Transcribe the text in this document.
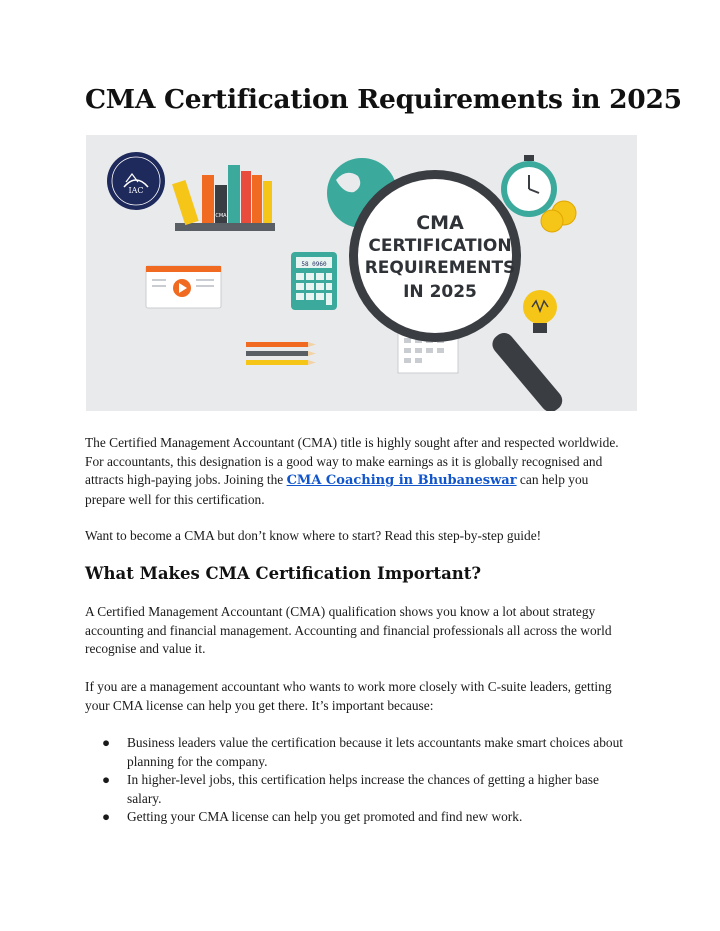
CMA Certification Requirements in 2025
IAC
CMA
58 0960
CMA
CERTIFICATION
REQUIREMENTS
IN 2025

The Certified Management Accountant (CMA) title is highly sought after and respected worldwide. For accountants, this designation is a good way to make earnings as it is globally recognised and attracts high-paying jobs. Joining the CMA Coaching in Bhubaneswar can help you prepare well for this certification.

Want to become a CMA but don’t know where to start? Read this step-by-step guide!

What Makes CMA Certification Important?

A Certified Management Accountant (CMA) qualification shows you know a lot about strategy accounting and financial management. Accounting and financial professionals all across the world recognise and value it.

If you are a management accountant who wants to work more closely with C-suite leaders, getting your CMA license can help you get there. It’s important because:

● Business leaders value the certification because it lets accountants make smart choices about planning for the company.
● In higher-level jobs, this certification helps increase the chances of getting a higher base salary.
● Getting your CMA license can help you get promoted and find new work.
